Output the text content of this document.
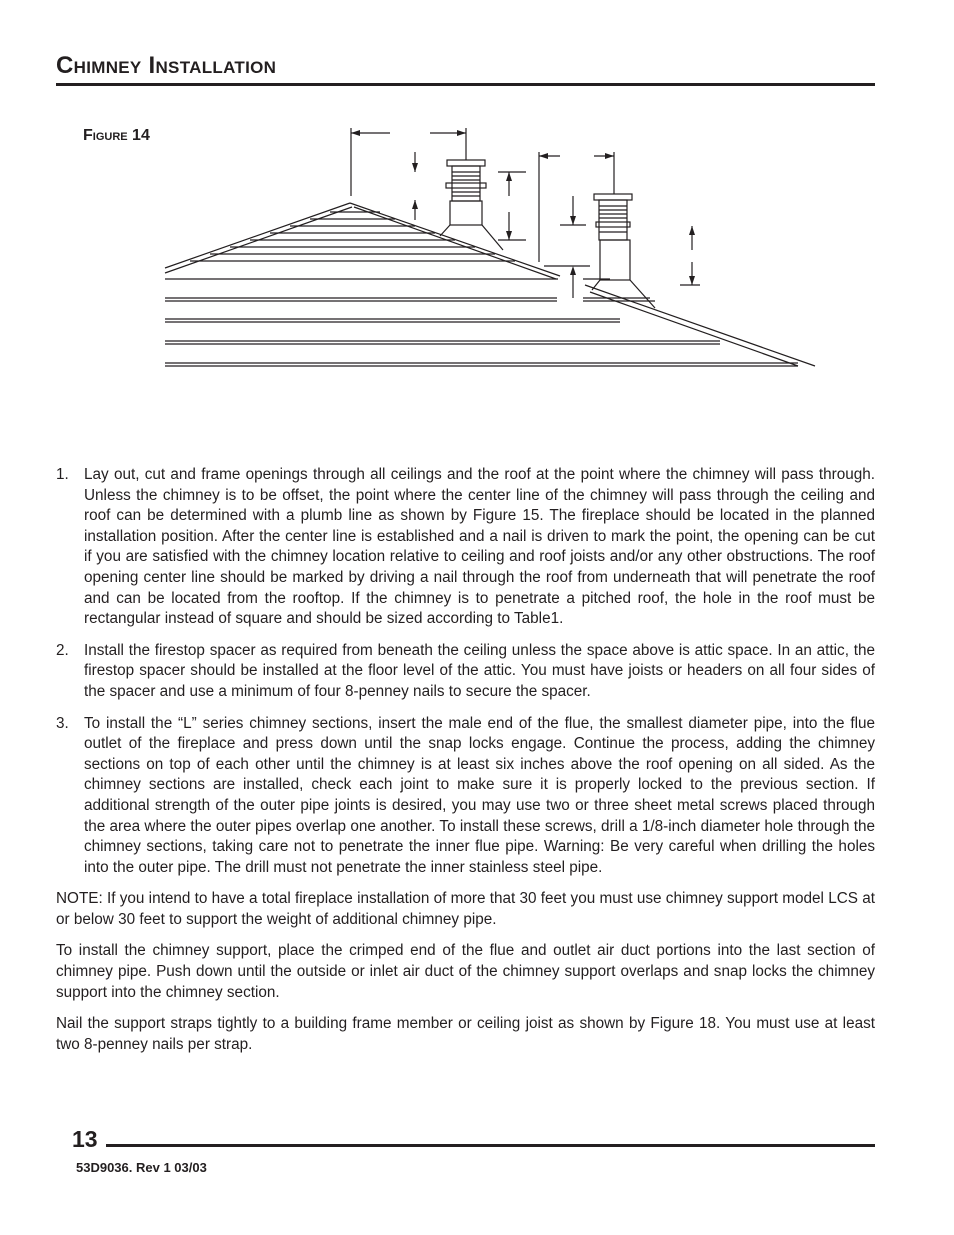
Chimney Installation
Figure 14
1. Lay out, cut and frame openings through all ceilings and the roof at the point where the chimney will pass through. Unless the chimney is to be offset, the point where the center line of the chimney will pass through the ceiling and roof can be determined with a plumb line as shown by Figure 15. The fireplace should be located in the planned installation position. After the center line is established and a nail is driven to mark the point, the opening can be cut if you are satisfied with the chimney location relative to ceiling and roof joists and/or any other obstructions. The roof opening center line should be marked by driving a nail through the roof from underneath that will penetrate the roof and can be located from the rooftop. If the chimney is to penetrate a pitched roof, the hole in the roof must be rectangular instead of square and should be sized according to Table1.
2. Install the firestop spacer as required from beneath the ceiling unless the space above is attic space. In an attic, the firestop spacer should be installed at the floor level of the attic. You must have joists or headers on all four sides of the spacer and use a minimum of four 8-penney nails to secure the spacer.
3. To install the “L” series chimney sections, insert the male end of the flue, the smallest diameter pipe, into the flue outlet of the fireplace and press down until the snap locks engage. Continue the process, adding the chimney sections on top of each other until the chimney is at least six inches above the roof opening on all sided. As the chimney sections are installed, check each joint to make sure it is properly locked to the previous section. If additional strength of the outer pipe joints is desired, you may use two or three sheet metal screws placed through the area where the outer pipes overlap one another. To install these screws, drill a 1/8-inch diameter hole through the chimney sections, taking care not to penetrate the inner flue pipe. Warning: Be very careful when drilling the holes into the outer pipe. The drill must not penetrate the inner stainless steel pipe.

NOTE: If you intend to have a total fireplace installation of more that 30 feet you must use chimney support model LCS at or below 30 feet to support the weight of additional chimney pipe.

To install the chimney support, place the crimped end of the flue and outlet air duct portions into the last section of chimney pipe. Push down until the outside or inlet air duct of the chimney support overlaps and snap locks the chimney support into the chimney section.

Nail the support straps tightly to a building frame member or ceiling joist as shown by Figure 18. You must use at least two 8-penney nails per strap.

13
53D9036. Rev 1 03/03
